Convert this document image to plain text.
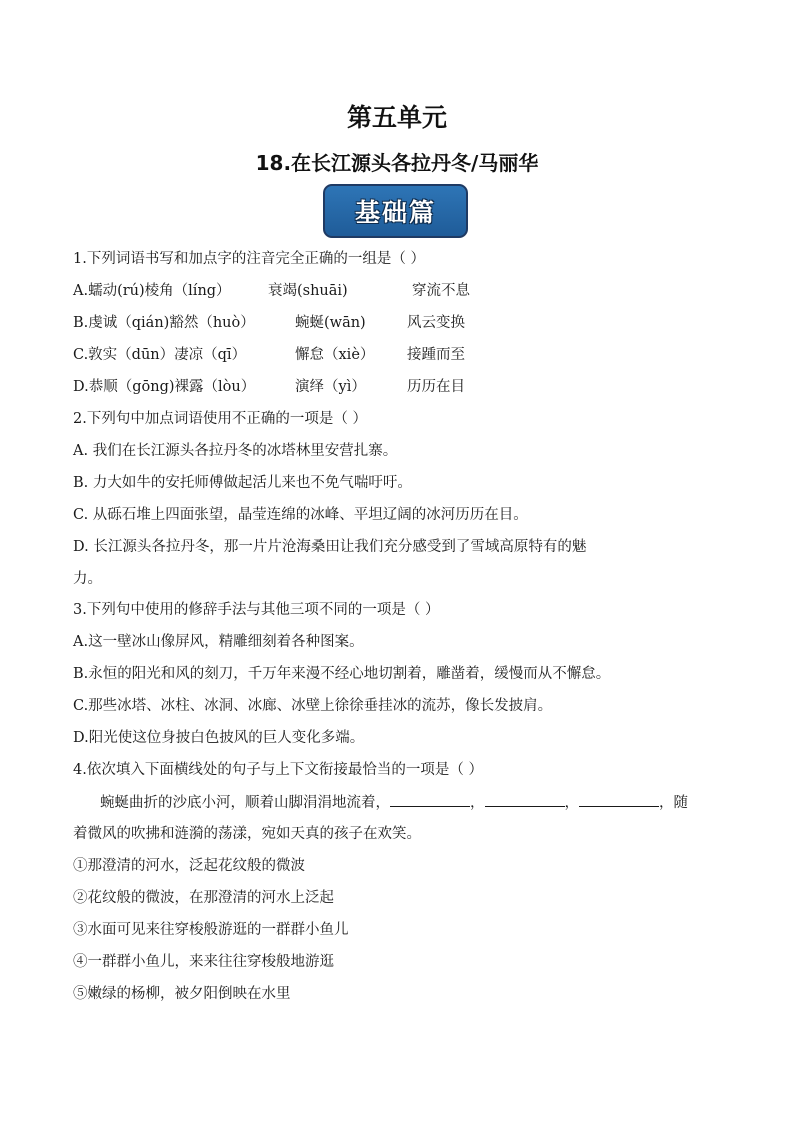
第五单元
18.在长江源头各拉丹冬/马丽华
基础篇
1.下列词语书写和加点字的注音完全正确的一组是（ ）
A.蠕动(rú)棱角（líng）	衰竭(shuāi)	穿流不息
B.虔诚（qián)豁然（huò）	蜿蜒(wān)	风云变换
C.敦实（dūn）凄凉（qī）	懈怠（xiè） 接踵而至
D.恭顺（gōng)裸露（lòu）	演绎（yì）	历历在目
2.下列句中加点词语使用不正确的一项是（ ）
A. 我们在长江源头各拉丹冬的冰塔林里安营扎寨。
B. 力大如牛的安托师傅做起活儿来也不免气喘吁吁。
C. 从砾石堆上四面张望，晶莹连绵的冰峰、平坦辽阔的冰河历历在目。
D. 长江源头各拉丹冬，那一片片沧海桑田让我们充分感受到了雪域高原特有的魅
力。
3.下列句中使用的修辞手法与其他三项不同的一项是（ ）
A.这一壁冰山像屏风，精雕细刻着各种图案。
B.永恒的阳光和风的刻刀，千万年来漫不经心地切割着，雕凿着，缓慢而从不懈怠。
C.那些冰塔、冰柱、冰洞、冰廊、冰壁上徐徐垂挂冰的流苏，像长发披肩。
D.阳光使这位身披白色披风的巨人变化多端。
4.依次填入下面横线处的句子与上下文衔接最恰当的一项是（ ）
蜿蜒曲折的沙底小河，顺着山脚涓涓地流着，	，	，	，随
着微风的吹拂和涟漪的荡漾，宛如天真的孩子在欢笑。
①那澄清的河水，泛起花纹般的微波
②花纹般的微波，在那澄清的河水上泛起
③水面可见来往穿梭般游逛的一群群小鱼儿
④一群群小鱼儿，来来往往穿梭般地游逛
⑤嫩绿的杨柳，被夕阳倒映在水里
